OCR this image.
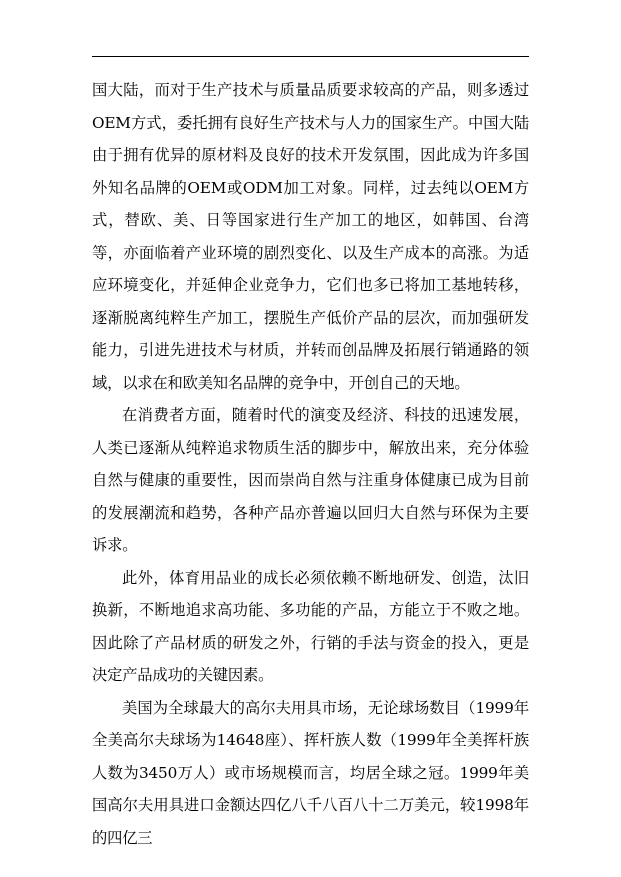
国大陆，而对于生产技术与质量品质要求较高的产品，则多透过OEM方式，委托拥有良好生产技术与人力的国家生产。中国大陆由于拥有优异的原材料及良好的技术开发氛围，因此成为许多国外知名品牌的OEM或ODM加工对象。同样，过去纯以OEM方式，替欧、美、日等国家进行生产加工的地区，如韩国、台湾等，亦面临着产业环境的剧烈变化、以及生产成本的高涨。为适应环境变化，并延伸企业竞争力，它们也多已将加工基地转移，逐渐脱离纯粹生产加工，摆脱生产低价产品的层次，而加强研发能力，引进先进技术与材质，并转而创品牌及拓展行销通路的领域，以求在和欧美知名品牌的竞争中，开创自己的天地。

在消费者方面，随着时代的演变及经济、科技的迅速发展，人类已逐渐从纯粹追求物质生活的脚步中，解放出来，充分体验自然与健康的重要性，因而崇尚自然与注重身体健康已成为目前的发展潮流和趋势，各种产品亦普遍以回归大自然与环保为主要诉求。

此外，体育用品业的成长必须依赖不断地研发、创造，汰旧换新，不断地追求高功能、多功能的产品，方能立于不败之地。因此除了产品材质的研发之外，行销的手法与资金的投入，更是决定产品成功的关键因素。

美国为全球最大的高尔夫用具市场，无论球场数目（1999年全美高尔夫球场为14648座）、挥杆族人数（1999年全美挥杆族人数为3450万人）或市场规模而言，均居全球之冠。1999年美国高尔夫用具进口金额达四亿八千八百八十二万美元，较1998年的四亿三
